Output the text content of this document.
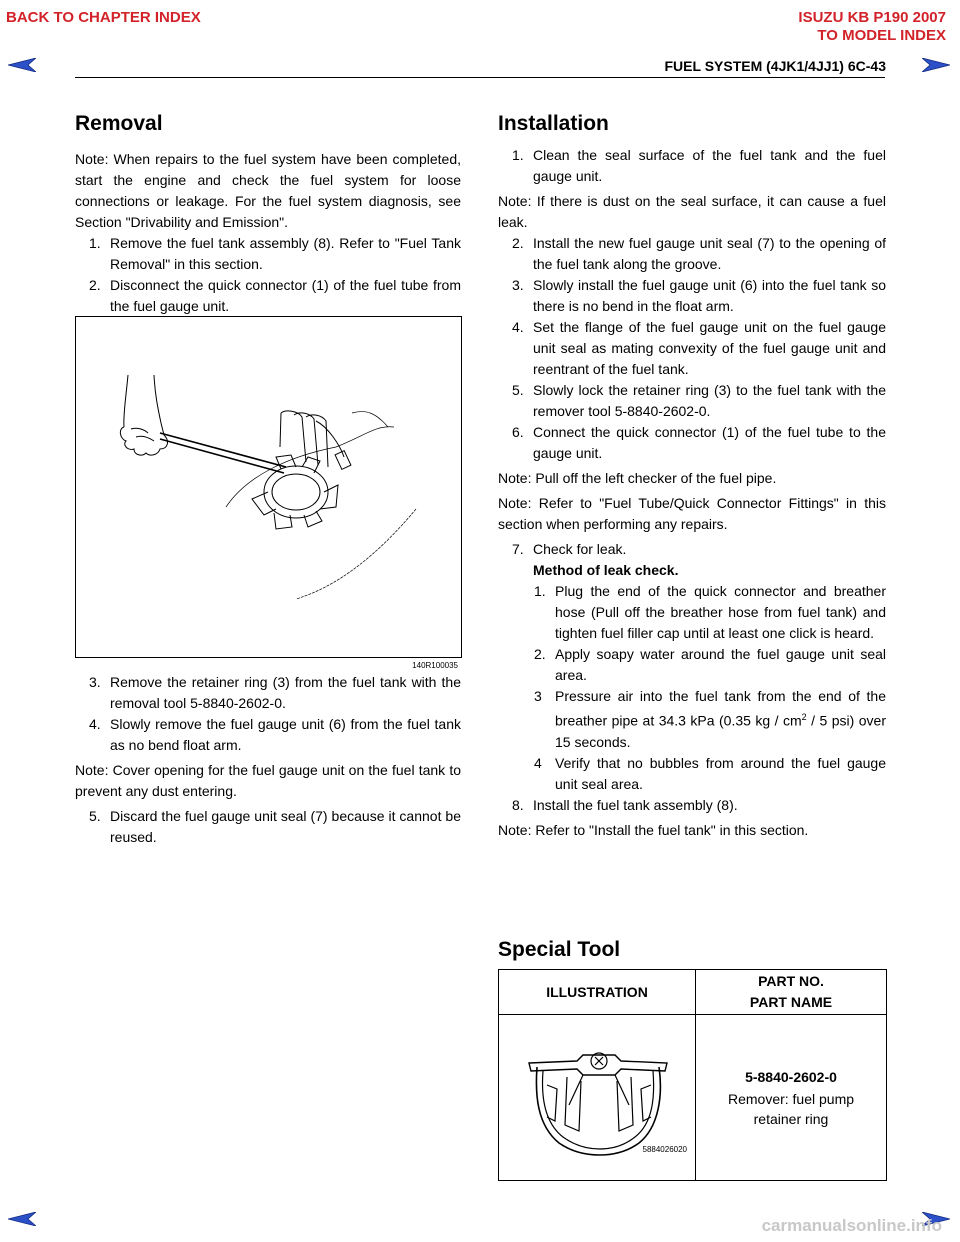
BACK TO CHAPTER INDEX	ISUZU KB P190 2007
TO MODEL INDEX
FUEL SYSTEM (4JK1/4JJ1) 6C-43
Removal

Note: When repairs to the fuel system have been completed, start the engine and check the fuel system for loose connections or leakage. For the fuel system diagnosis, see Section "Drivability and Emission".

1. Remove the fuel tank assembly (8). Refer to "Fuel Tank Removal" in this section.

2. Disconnect the quick connector (1) of the fuel tube from the fuel gauge unit.

140R100035

3. Remove the retainer ring (3) from the fuel tank with the removal tool 5-8840-2602-0.

4. Slowly remove the fuel gauge unit (6) from the fuel tank as no bend float arm.

Note: Cover opening for the fuel gauge unit on the fuel tank to prevent any dust entering.

5. Discard the fuel gauge unit seal (7) because it cannot be reused.

Installation

1. Clean the seal surface of the fuel tank and the fuel gauge unit.

Note: If there is dust on the seal surface, it can cause a fuel leak.

2. Install the new fuel gauge unit seal (7) to the opening of the fuel tank along the groove.

3. Slowly install the fuel gauge unit (6) into the fuel tank so there is no bend in the float arm.

4. Set the flange of the fuel gauge unit on the fuel gauge unit seal as mating convexity of the fuel gauge unit and reentrant of the fuel tank.

5. Slowly lock the retainer ring (3) to the fuel tank with the remover tool 5-8840-2602-0.

6. Connect the quick connector (1) of the fuel tube to the gauge unit.

Note: Pull off the left checker of the fuel pipe.

Note: Refer to "Fuel Tube/Quick Connector Fittings" in this section when performing any repairs.

7. Check for leak.

Method of leak check.

1. Plug the end of the quick connector and breather hose (Pull off the breather hose from fuel tank) and tighten fuel filler cap until at least one click is heard.

2. Apply soapy water around the fuel gauge unit seal area.

3 Pressure air into the fuel tank from the end of the breather pipe at 34.3 kPa (0.35 kg / $cm^2 / 5$ psi) over 15 seconds.

4 Verify that no bubbles from around the fuel gauge unit seal area.

8. Install the fuel tank assembly (8).

Note: Refer to "Install the fuel tank" in this section.

Special Tool
ILLUSTRATION	PART NO.
PART NAME

5884026020	5-8840-2602-0
Remover: fuel pump retainer ring
carmanualsonline.info
